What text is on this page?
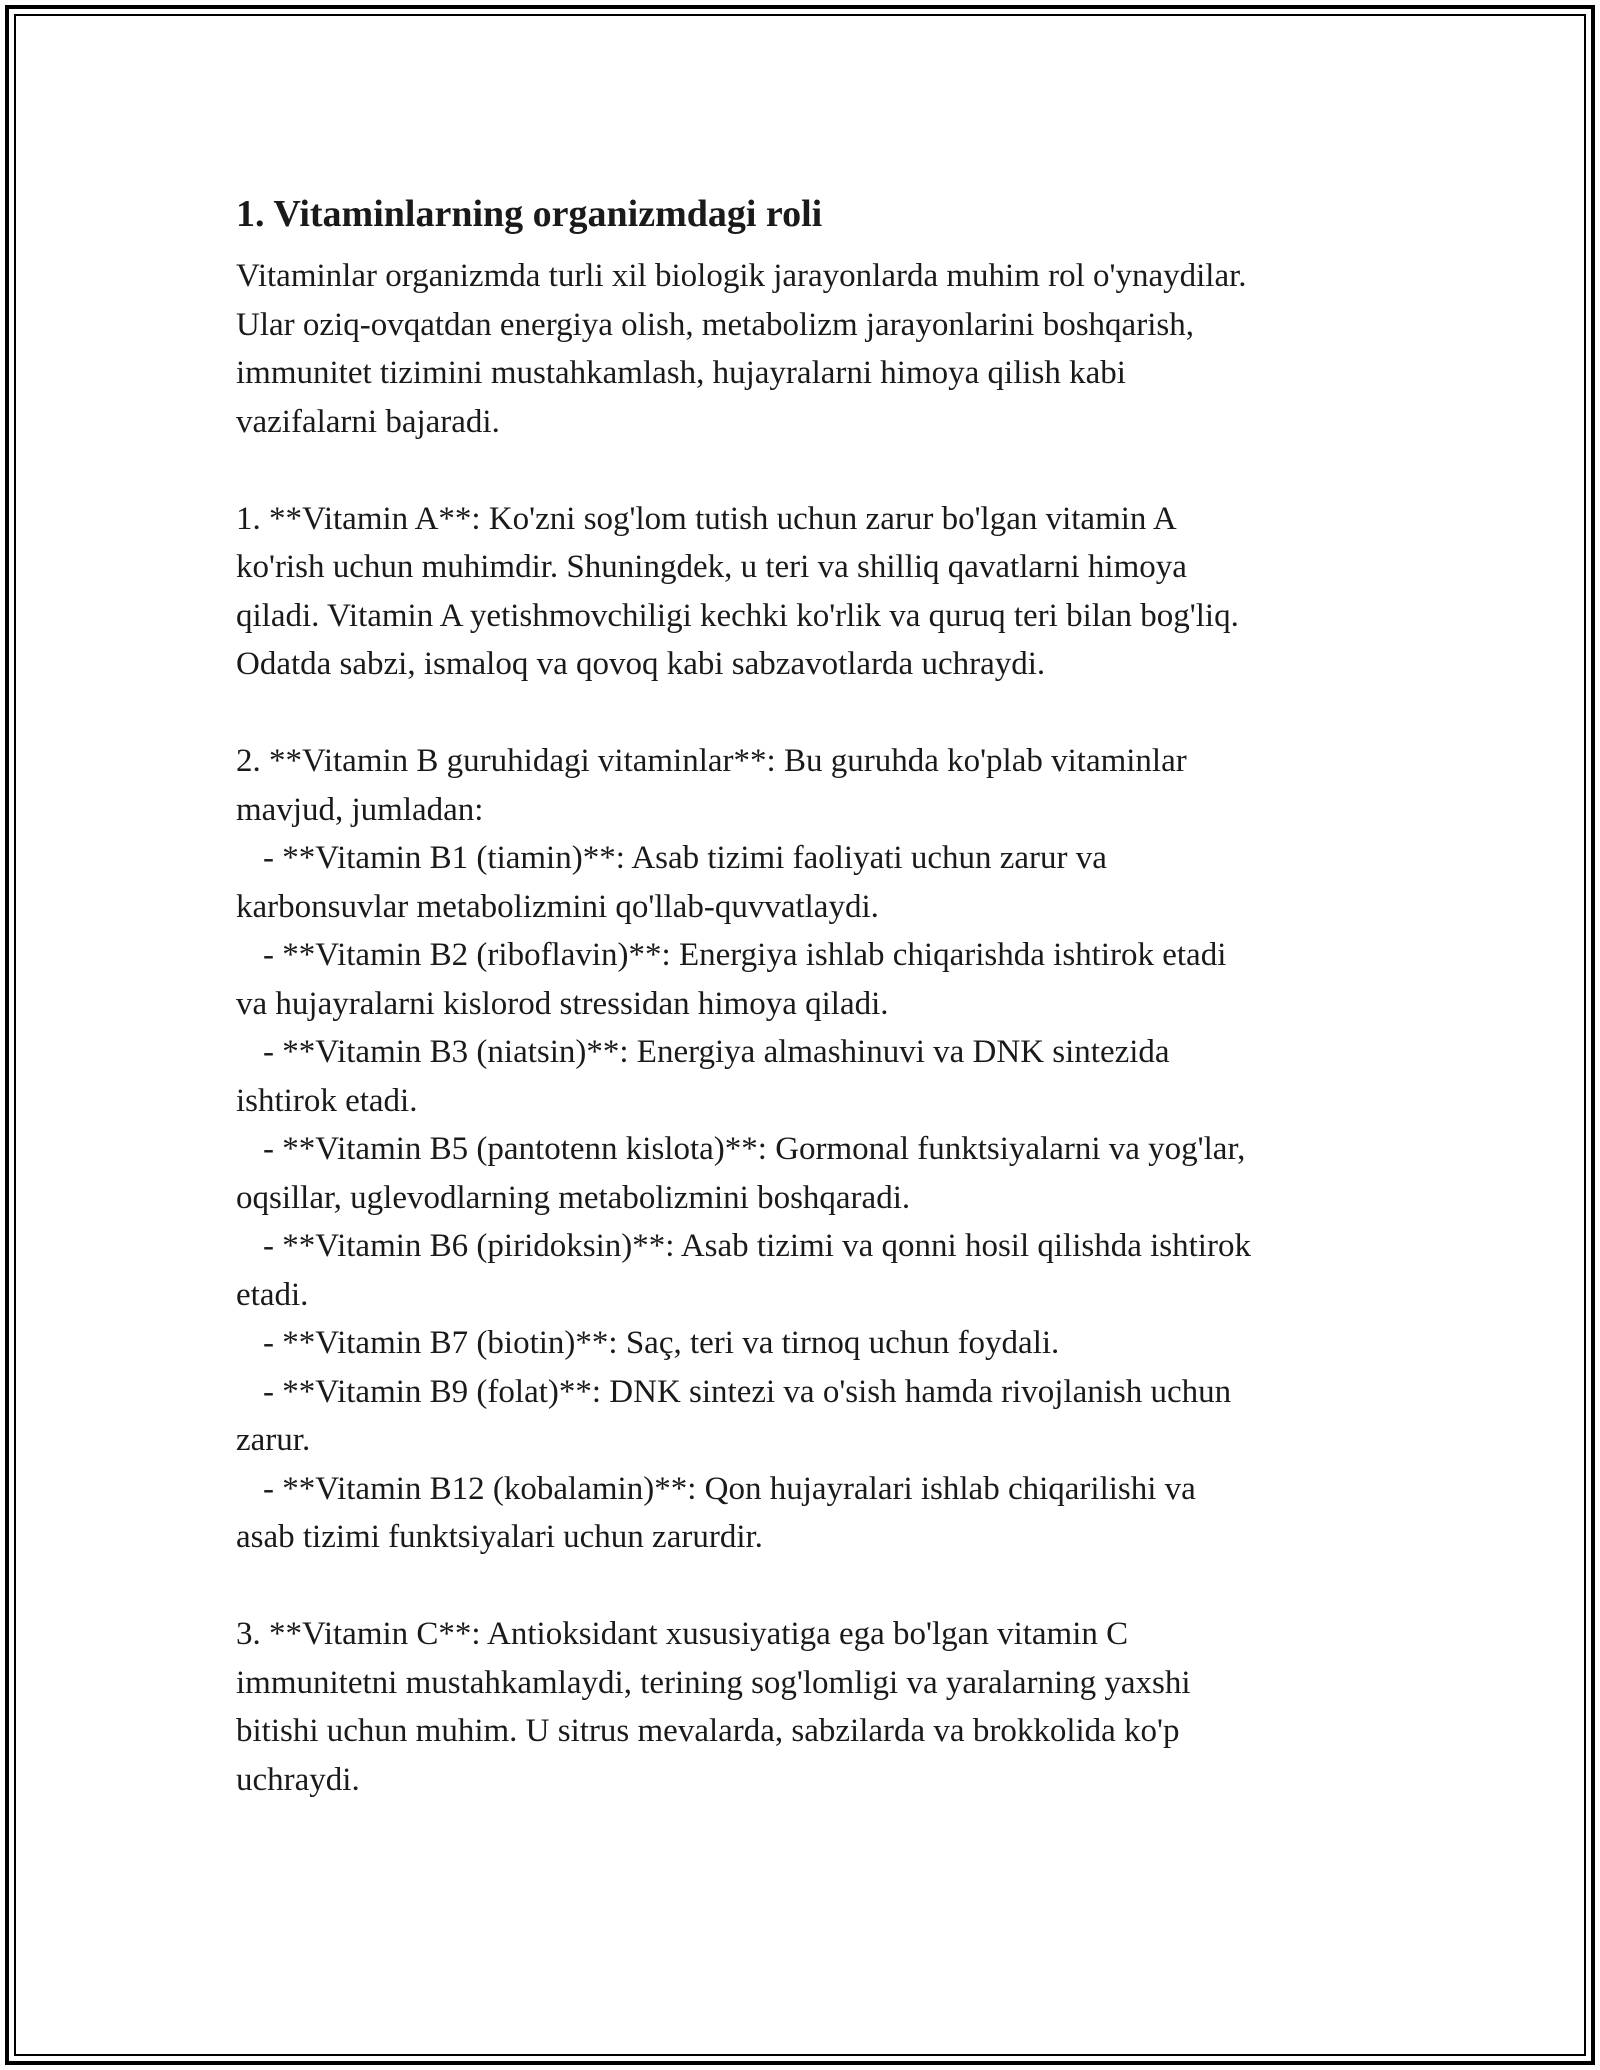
1. Vitaminlarning organizmdagi roli
Vitaminlar organizmda turli xil biologik jarayonlarda muhim rol o'ynaydilar.
Ular oziq-ovqatdan energiya olish, metabolizm jarayonlarini boshqarish,
immunitet tizimini mustahkamlash, hujayralarni himoya qilish kabi
vazifalarni bajaradi.
1. **Vitamin A**: Ko'zni sog'lom tutish uchun zarur bo'lgan vitamin A
ko'rish uchun muhimdir. Shuningdek, u teri va shilliq qavatlarni himoya
qiladi. Vitamin A yetishmovchiligi kechki ko'rlik va quruq teri bilan bog'liq.
Odatda sabzi, ismaloq va qovoq kabi sabzavotlarda uchraydi.
2. **Vitamin B guruhidagi vitaminlar**: Bu guruhda ko'plab vitaminlar
mavjud, jumladan:
- **Vitamin B1 (tiamin)**: Asab tizimi faoliyati uchun zarur va
karbonsuvlar metabolizmini qo'llab-quvvatlaydi.
- **Vitamin B2 (riboflavin)**: Energiya ishlab chiqarishda ishtirok etadi
va hujayralarni kislorod stressidan himoya qiladi.
- **Vitamin B3 (niatsin)**: Energiya almashinuvi va DNK sintezida
ishtirok etadi.
- **Vitamin B5 (pantotenn kislota)**: Gormonal funktsiyalarni va yog'lar,
oqsillar, uglevodlarning metabolizmini boshqaradi.
- **Vitamin B6 (piridoksin)**: Asab tizimi va qonni hosil qilishda ishtirok
etadi.
- **Vitamin B7 (biotin)**: Saç, teri va tirnoq uchun foydali.
- **Vitamin B9 (folat)**: DNK sintezi va o'sish hamda rivojlanish uchun
zarur.
- **Vitamin B12 (kobalamin)**: Qon hujayralari ishlab chiqarilishi va
asab tizimi funktsiyalari uchun zarurdir.
3. **Vitamin C**: Antioksidant xususiyatiga ega bo'lgan vitamin C
immunitetni mustahkamlaydi, terining sog'lomligi va yaralarning yaxshi
bitishi uchun muhim. U sitrus mevalarda, sabzilarda va brokkolida ko'p
uchraydi.
